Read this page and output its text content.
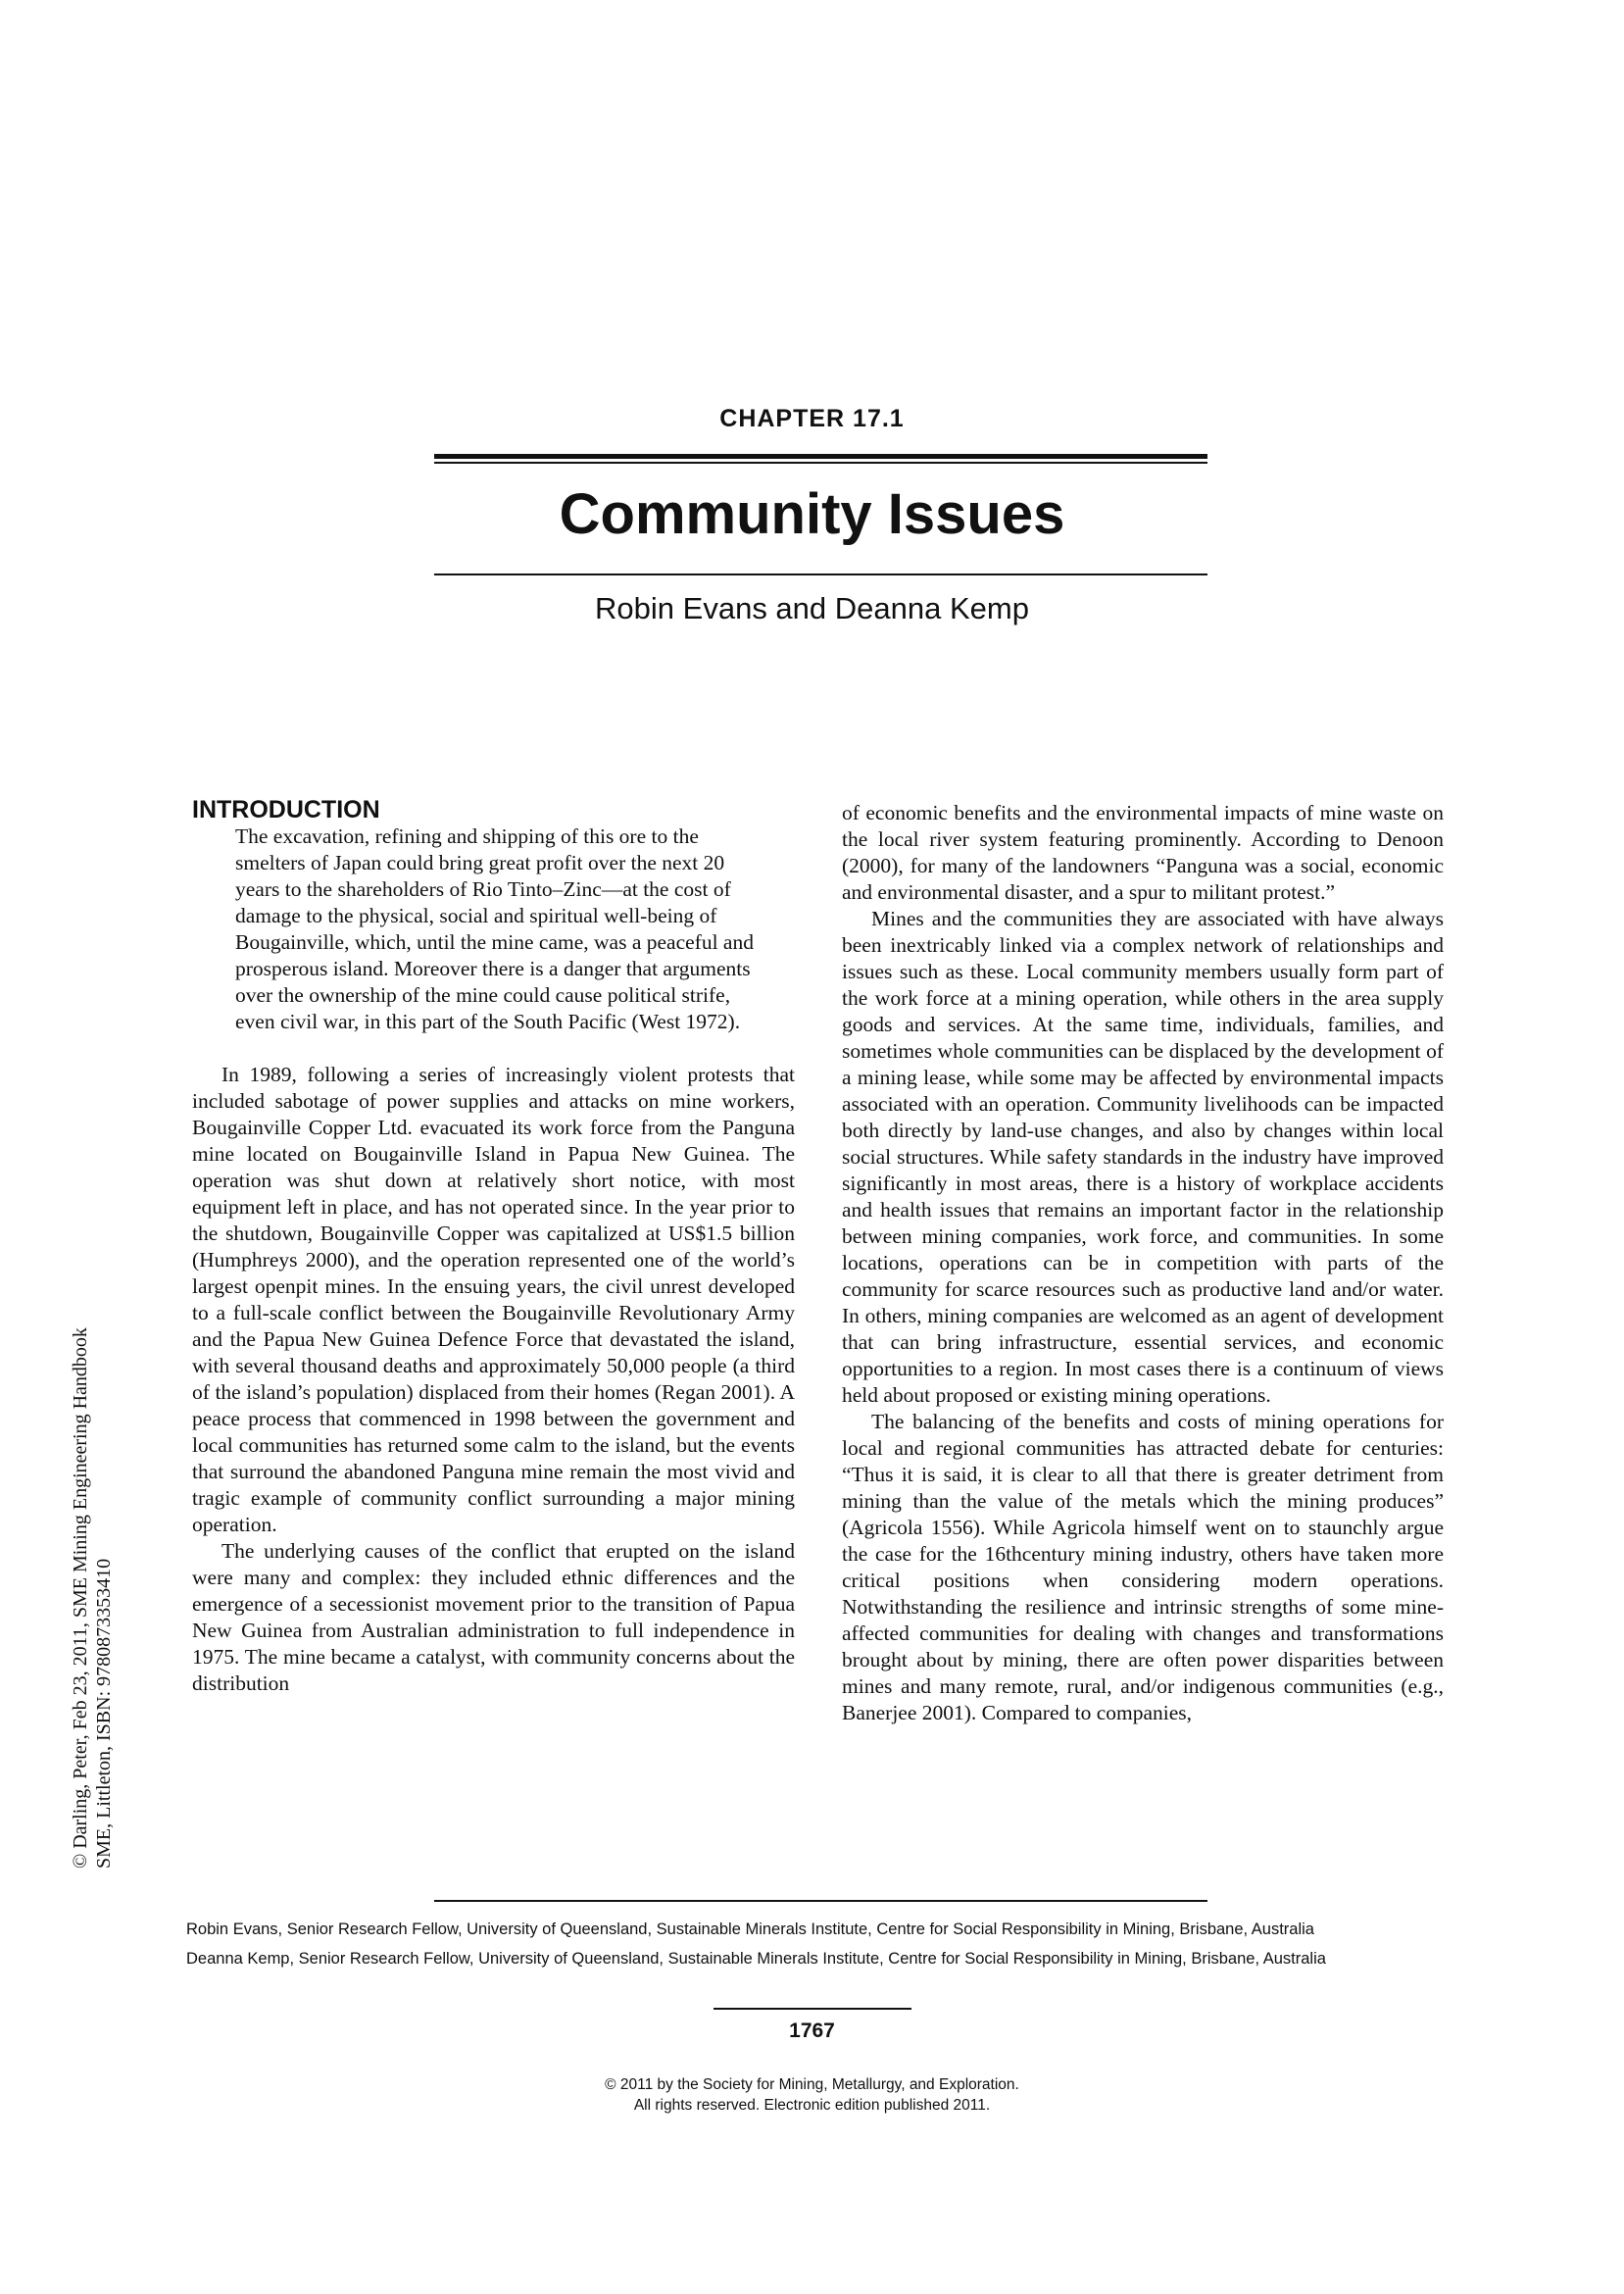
CHAPTER 17.1
Community Issues
Robin Evans and Deanna Kemp
© Darling, Peter, Feb 23, 2011, SME Mining Engineering Handbook SME, Littleton, ISBN: 9780873353410

INTRODUCTION

The excavation, refining and shipping of this ore to the smelters of Japan could bring great profit over the next 20 years to the shareholders of Rio Tinto–Zinc—at the cost of damage to the physical, social and spiritual well-being of Bougainville, which, until the mine came, was a peaceful and prosperous island. Moreover there is a danger that arguments over the ownership of the mine could cause political strife, even civil war, in this part of the South Pacific (West 1972).

In 1989, following a series of increasingly violent protests that included sabotage of power supplies and attacks on mine workers, Bougainville Copper Ltd. evacuated its work force from the Panguna mine located on Bougainville Island in Papua New Guinea. The operation was shut down at relatively short notice, with most equipment left in place, and has not operated since. In the year prior to the shutdown, Bougainville Copper was capitalized at US$1.5 billion (Humphreys 2000), and the operation represented one of the world’s largest openpit mines. In the ensuing years, the civil unrest developed to a full-scale conflict between the Bougainville Revolutionary Army and the Papua New Guinea Defence Force that devastated the island, with several thousand deaths and approximately 50,000 people (a third of the island’s population) displaced from their homes (Regan 2001). A peace process that commenced in 1998 between the government and local communities has returned some calm to the island, but the events that surround the abandoned Panguna mine remain the most vivid and tragic example of community conflict surrounding a major mining operation.

The underlying causes of the conflict that erupted on the island were many and complex: they included ethnic differences and the emergence of a secessionist movement prior to the transition of Papua New Guinea from Australian administration to full independence in 1975. The mine became a catalyst, with community concerns about the distribution

of economic benefits and the environmental impacts of mine waste on the local river system featuring prominently. According to Denoon (2000), for many of the landowners “Panguna was a social, economic and environmental disaster, and a spur to militant protest.”

Mines and the communities they are associated with have always been inextricably linked via a complex network of relationships and issues such as these. Local community members usually form part of the work force at a mining operation, while others in the area supply goods and services. At the same time, individuals, families, and sometimes whole communities can be displaced by the development of a mining lease, while some may be affected by environmental impacts associated with an operation. Community livelihoods can be impacted both directly by land-use changes, and also by changes within local social structures. While safety standards in the industry have improved significantly in most areas, there is a history of workplace accidents and health issues that remains an important factor in the relationship between mining companies, work force, and communities. In some locations, operations can be in competition with parts of the community for scarce resources such as productive land and/or water. In others, mining companies are welcomed as an agent of development that can bring infrastructure, essential services, and economic opportunities to a region. In most cases there is a continuum of views held about proposed or existing mining operations.

The balancing of the benefits and costs of mining operations for local and regional communities has attracted debate for centuries: “Thus it is said, it is clear to all that there is greater detriment from mining than the value of the metals which the mining produces” (Agricola 1556). While Agricola himself went on to staunchly argue the case for the 16thcentury mining industry, others have taken more critical positions when considering modern operations. Notwithstanding the resilience and intrinsic strengths of some mine-affected communities for dealing with changes and transformations brought about by mining, there are often power disparities between mines and many remote, rural, and/or indigenous communities (e.g., Banerjee 2001). Compared to companies,

Robin Evans, Senior Research Fellow, University of Queensland, Sustainable Minerals Institute, Centre for Social Responsibility in Mining, Brisbane, Australia
Deanna Kemp, Senior Research Fellow, University of Queensland, Sustainable Minerals Institute, Centre for Social Responsibility in Mining, Brisbane, Australia
1767
© 2011 by the Society for Mining, Metallurgy, and Exploration.
All rights reserved. Electronic edition published 2011.
